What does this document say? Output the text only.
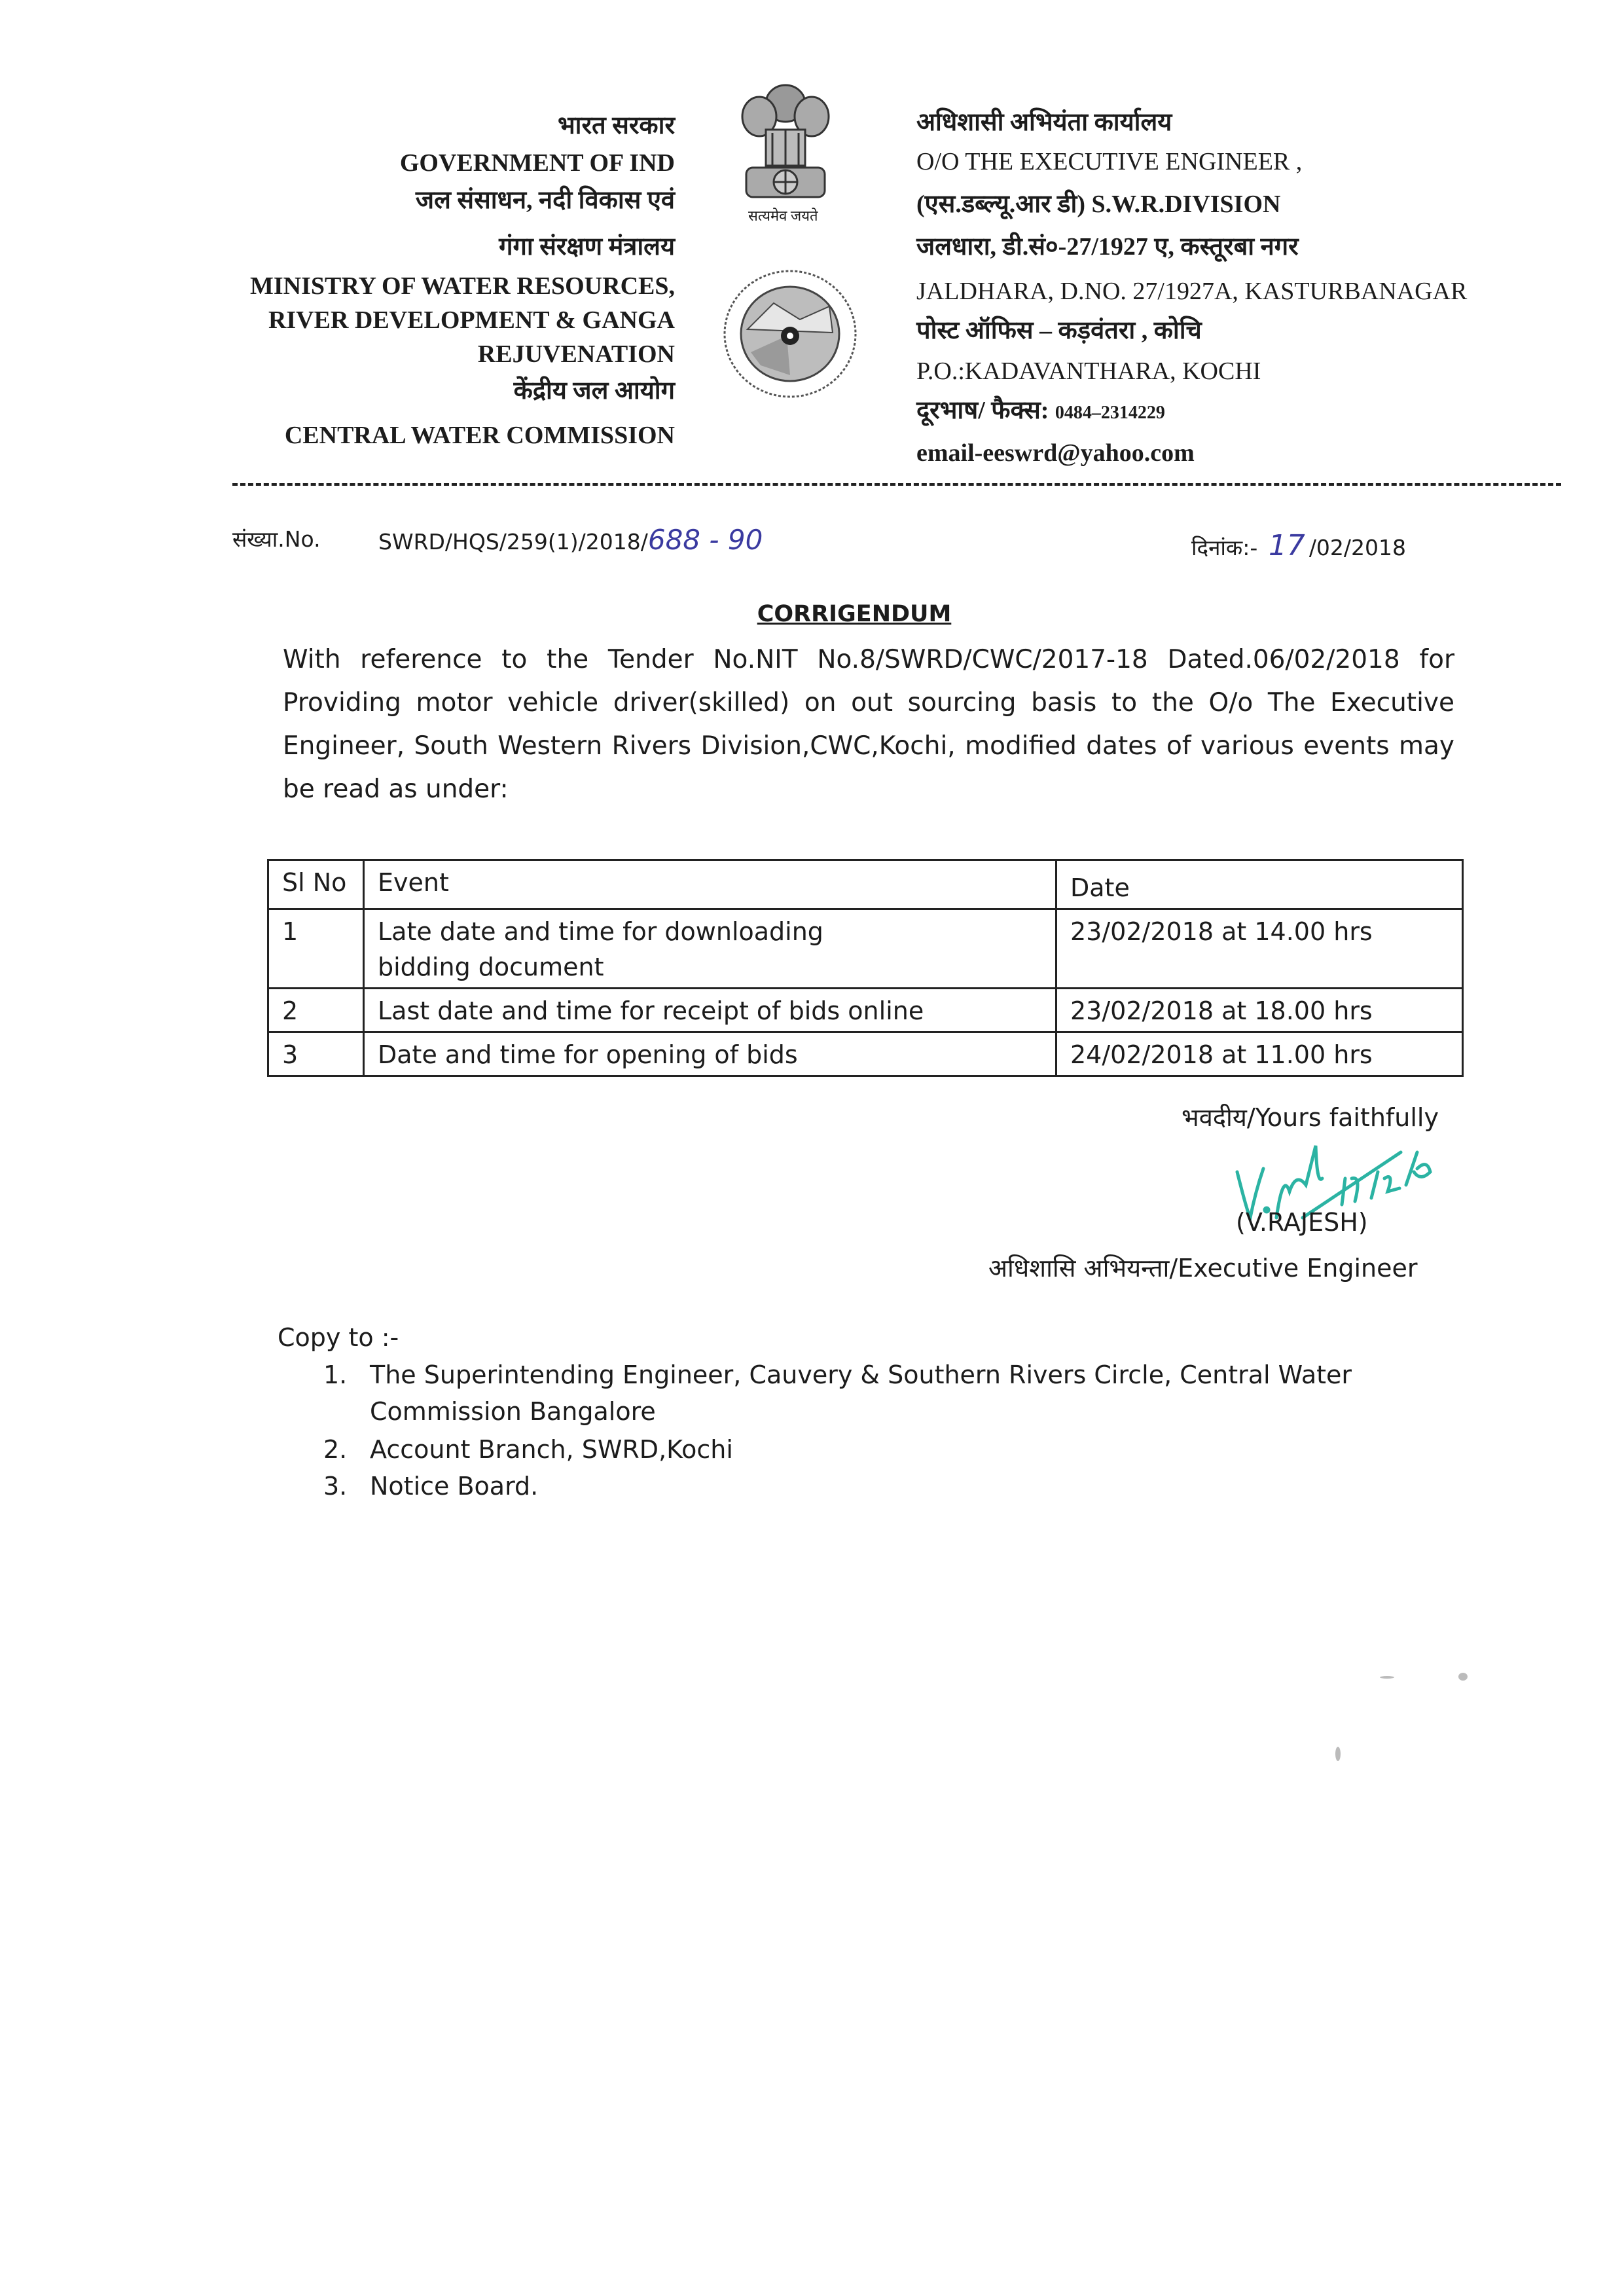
भारत सरकार
GOVERNMENT OF IND
जल संसाधन, नदी विकास एवं
गंगा संरक्षण मंत्रालय
MINISTRY OF WATER RESOURCES,
RIVER DEVELOPMENT & GANGA
REJUVENATION
केंद्रीय जल आयोग
CENTRAL WATER COMMISSION
सत्यमेव जयते
अधिशासी अभियंता कार्यालय
O/O THE EXECUTIVE ENGINEER ,
(एस.डब्ल्यू.आर डी) S.W.R.DIVISION
जलधारा, डी.सं०-27/1927 ए, कस्तूरबा नगर
JALDHARA, D.NO. 27/1927A, KASTURBANAGAR
पोस्ट ऑफिस – कड़वंतरा , कोचि
P.O.:KADAVANTHARA, KOCHI
दूरभाष/ फैक्स: 0484–2314229
email-eeswrd@yahoo.com
संख्या.No.	SWRD/HQS/259(1)/2018/688 - 90	दिनांक:- 17 /02/2018
CORRIGENDUM
With reference to the Tender No.NIT No.8/SWRD/CWC/2017-18 Dated.06/02/2018 for Providing motor vehicle driver(skilled) on out sourcing basis to the O/o The Executive Engineer, South Western Rivers Division,CWC,Kochi, modified dates of various events may be read as under:
Sl No	Event	Date
1	Late date and time for downloading bidding document	23/02/2018 at 14.00 hrs
2	Last date and time for receipt of bids online	23/02/2018 at 18.00 hrs
3	Date and time for opening of bids	24/02/2018 at 11.00 hrs
भवदीय/Yours faithfully
(V.RAJESH)
अधिशासि अभियन्ता/Executive Engineer
Copy to :-
1. The Superintending Engineer, Cauvery & Southern Rivers Circle, Central Water
Commission Bangalore
2. Account Branch, SWRD,Kochi
3. Notice Board.
